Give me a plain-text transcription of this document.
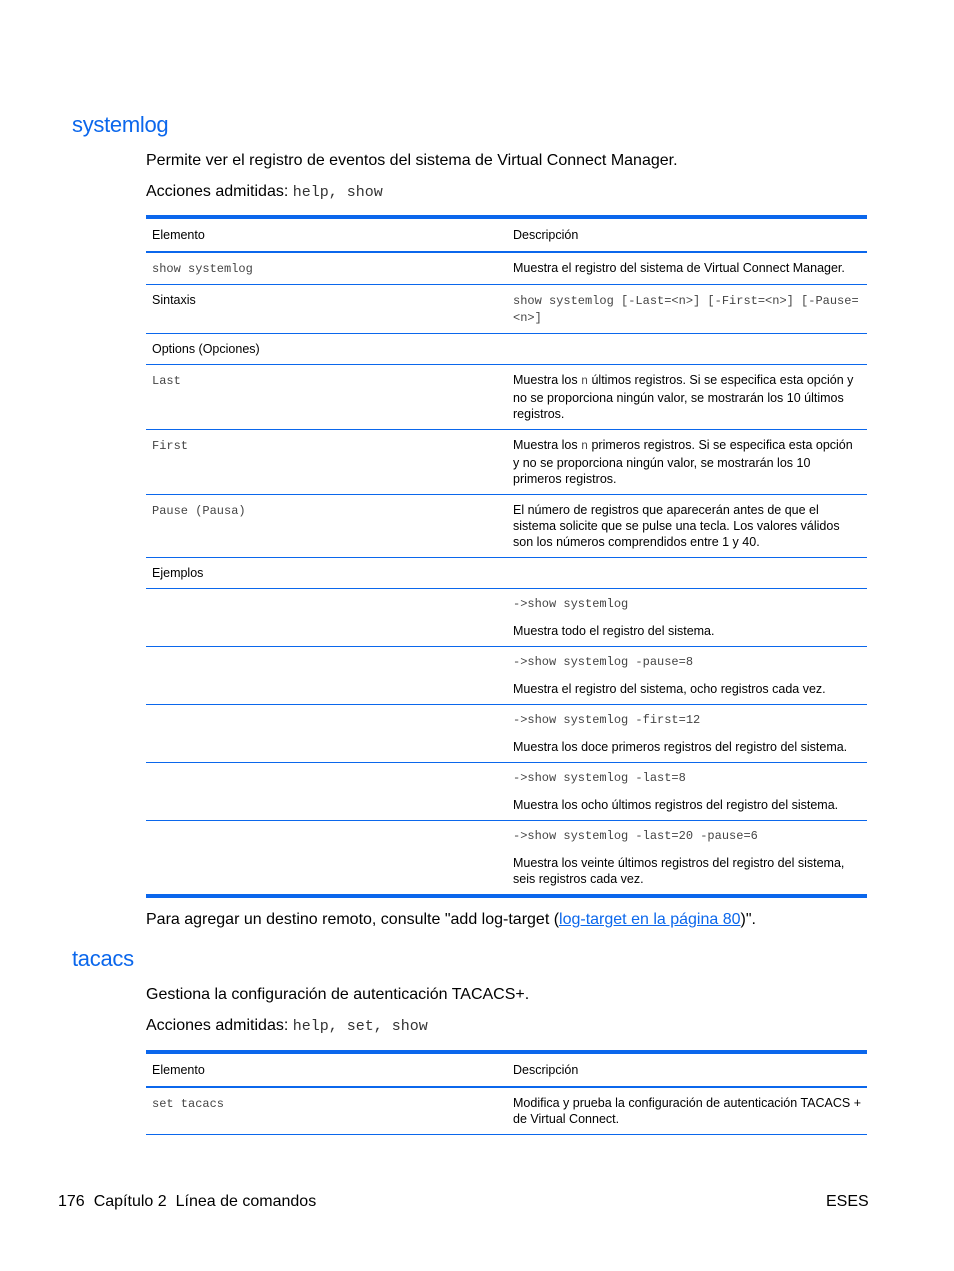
systemlog
Permite ver el registro de eventos del sistema de Virtual Connect Manager.
Acciones admitidas: help, show
Elemento	Descripción
show systemlog	Muestra el registro del sistema de Virtual Connect Manager.
Sintaxis	show systemlog [-Last=<n>] [-First=<n>] [-Pause=<n>]
Options (Opciones)	
Last	Muestra los n últimos registros. Si se especifica esta opción y no se proporciona ningún valor, se mostrarán los 10 últimos registros.
First	Muestra los n primeros registros. Si se especifica esta opción y no se proporciona ningún valor, se mostrarán los 10 primeros registros.
Pause (Pausa)	El número de registros que aparecerán antes de que el sistema solicite que se pulse una tecla. Los valores válidos son los números comprendidos entre 1 y 40.
Ejemplos	

	->show systemlog
Muestra todo el registro del sistema.

	->show systemlog -pause=8
Muestra el registro del sistema, ocho registros cada vez.

	->show systemlog -first=12
Muestra los doce primeros registros del registro del sistema.

	->show systemlog -last=8
Muestra los ocho últimos registros del registro del sistema.

	->show systemlog -last=20 -pause=6
Muestra los veinte últimos registros del registro del sistema, seis registros cada vez.
Para agregar un destino remoto, consulte "add log-target (log-target en la página 80)".
tacacs
Gestiona la configuración de autenticación TACACS+.
Acciones admitidas: help, set, show
Elemento	Descripción
set tacacs	Modifica y prueba la configuración de autenticación TACACS + de Virtual Connect.
176 Capítulo 2 Línea de comandos	ESES
